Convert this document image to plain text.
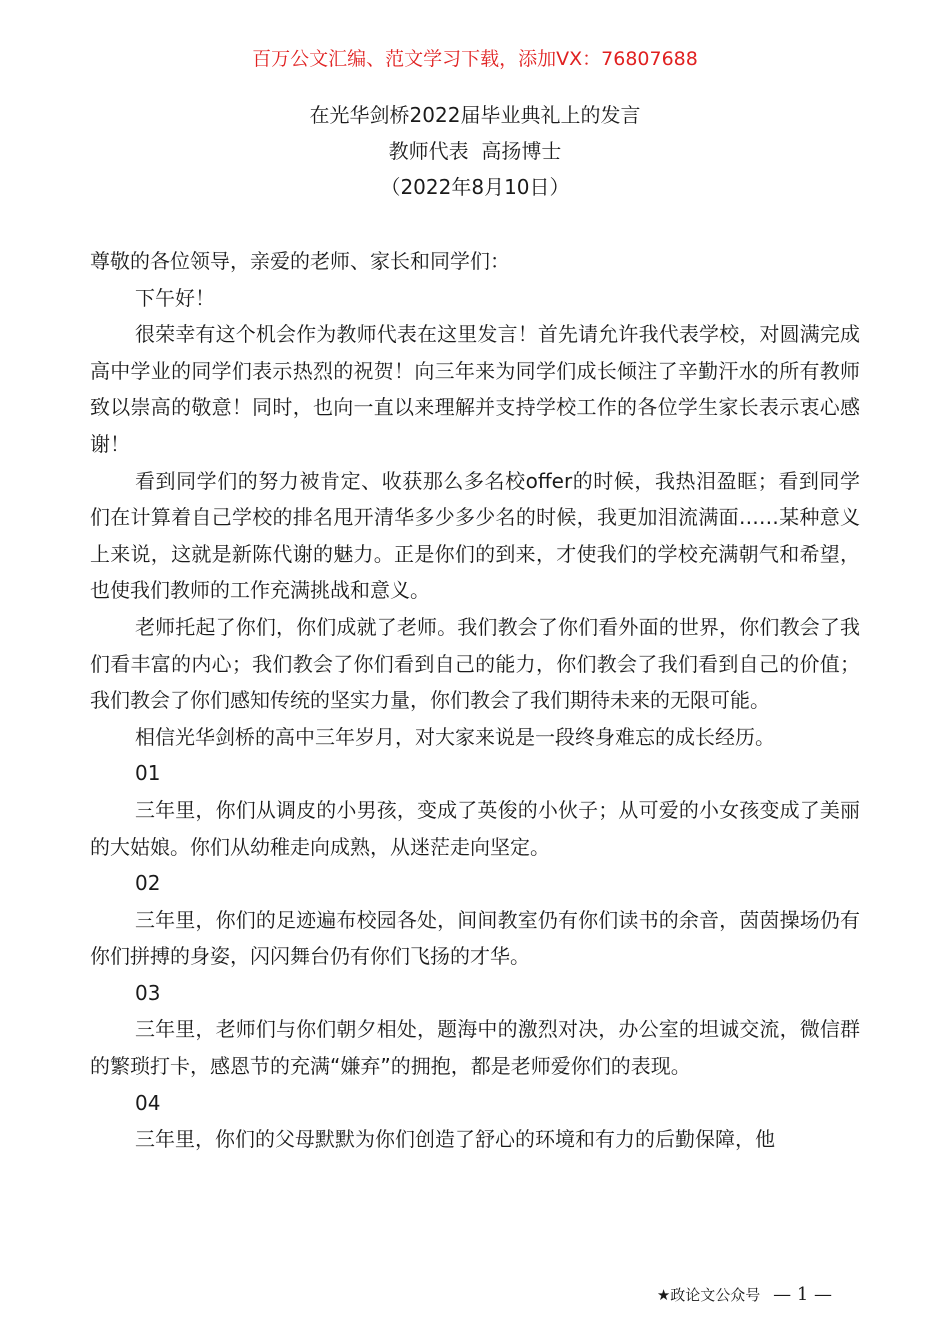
百万公文汇编、范文学习下载，添加VX：76807688
在光华剑桥2022届毕业典礼上的发言
教师代表  高扬博士
（2022年8月10日）

尊敬的各位领导，亲爱的老师、家长和同学们：

下午好！

很荣幸有这个机会作为教师代表在这里发言！首先请允许我代表学校，对圆满完成高中学业的同学们表示热烈的祝贺！向三年来为同学们成长倾注了辛勤汗水的所有教师致以崇高的敬意！同时，也向一直以来理解并支持学校工作的各位学生家长表示衷心感谢！

看到同学们的努力被肯定、收获那么多名校offer的时候，我热泪盈眶；看到同学们在计算着自己学校的排名甩开清华多少多少名的时候，我更加泪流满面……某种意义上来说，这就是新陈代谢的魅力。正是你们的到来，才使我们的学校充满朝气和希望，也使我们教师的工作充满挑战和意义。

老师托起了你们，你们成就了老师。我们教会了你们看外面的世界，你们教会了我们看丰富的内心；我们教会了你们看到自己的能力，你们教会了我们看到自己的价值；我们教会了你们感知传统的坚实力量，你们教会了我们期待未来的无限可能。

相信光华剑桥的高中三年岁月，对大家来说是一段终身难忘的成长经历。

01

三年里，你们从调皮的小男孩，变成了英俊的小伙子；从可爱的小女孩变成了美丽的大姑娘。你们从幼稚走向成熟，从迷茫走向坚定。

02

三年里，你们的足迹遍布校园各处，间间教室仍有你们读书的余音，茵茵操场仍有你们拼搏的身姿，闪闪舞台仍有你们飞扬的才华。

03

三年里，老师们与你们朝夕相处，题海中的激烈对决，办公室的坦诚交流，微信群的繁琐打卡，感恩节的充满“嫌弃”的拥抱，都是老师爱你们的表现。

04

三年里，你们的父母默默为你们创造了舒心的环境和有力的后勤保障，他

★政论文公众号 — 1 —
